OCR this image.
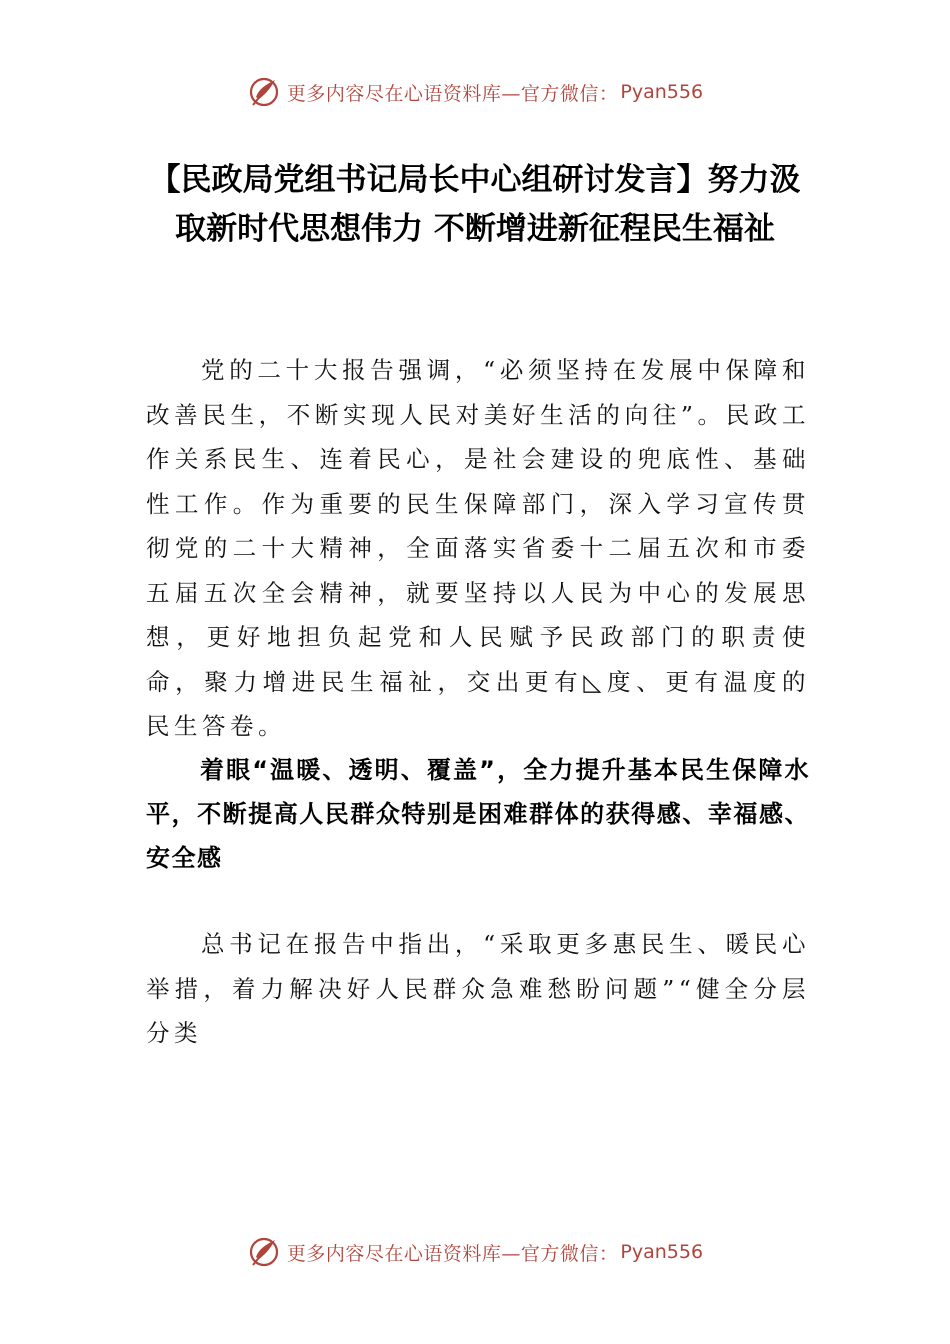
更多内容尽在心语资料库—官方微信： Pyan556
【民政局党组书记局长中心组研讨发言】努力汲取新时代思想伟力 不断增进新征程民生福祉

党的二十大报告强调，“必须坚持在发展中保障和改善民生，不断实现人民对美好生活的向往”。民政工作关系民生、连着民心，是社会建设的兜底性、基础性工作。作为重要的民生保障部门，深入学习宣传贯彻党的二十大精神，全面落实省委十二届五次和市委五届五次全会精神，就要坚持以人民为中心的发展思想，更好地担负起党和人民赋予民政部门的职责使命，聚力增进民生福祉，交出更有◺度、更有温度的民生答卷。

着眼“温暖、透明、覆盖”，全力提升基本民生保障水平，不断提高人民群众特别是困难群体的获得感、幸福感、安全感

总书记在报告中指出，“采取更多惠民生、暖民心举措，着力解决好人民群众急难愁盼问题”“健全分层分类

更多内容尽在心语资料库—官方微信： Pyan556
